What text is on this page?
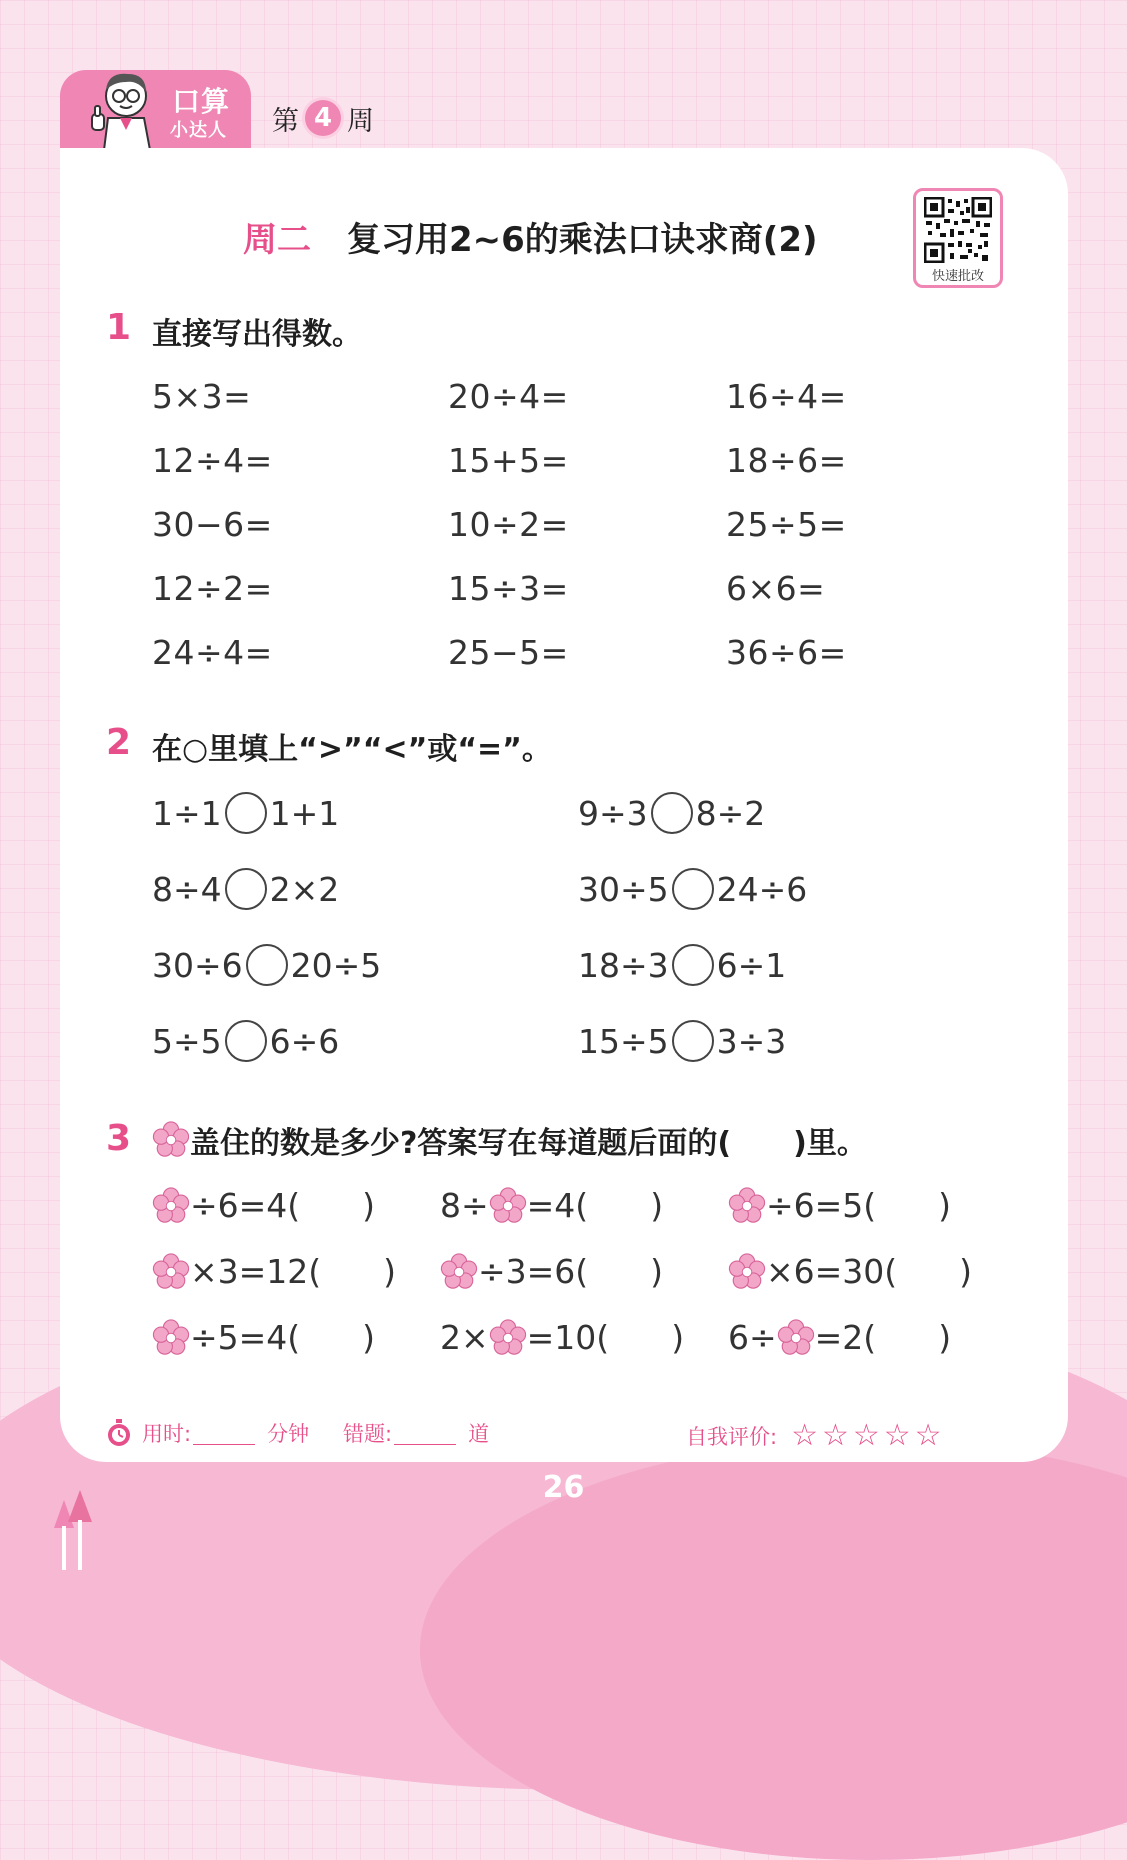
口算
小达人 第 4 周
周二 复习用2~6的乘法口诀求商(2)
快速批改
1 直接写出得数。
5×3=	20÷4=	16÷4=
12÷4=	15+5=	18÷6=
30−6=	10÷2=	25÷5=
12÷2=	15÷3=	6×6=
24÷4=	25−5=	36÷6=
2 在○里填上“>”“<”或“=”。
1÷1 1+1	9÷3 8÷2
8÷4 2×2	30÷5 24÷6
30÷6 20÷5	18÷3 6÷1
5÷5 6÷6	15÷5 3÷3
3 盖住的数是多少?答案写在每道题后面的( )里。
÷6=4( ) 8÷ =4( )	÷6=5( )
×3=12( ) ÷3=6( )	×6=30( )
÷5=4( ) 2× =10( ) 6÷ =2( )
用时:	分钟 错题:	道	自我评价: ☆☆☆☆☆
26
